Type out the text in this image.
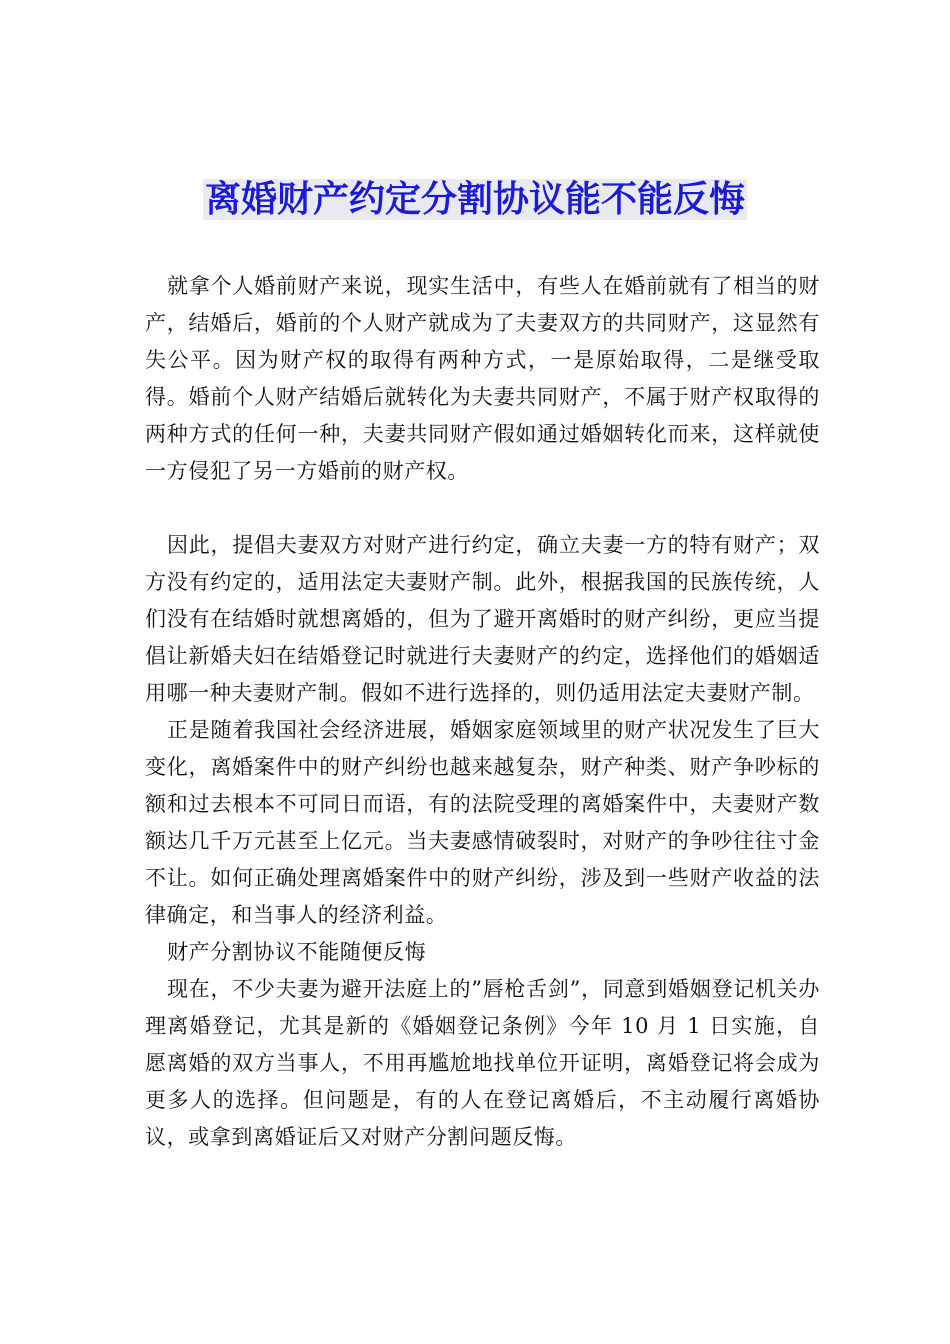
离婚财产约定分割协议能不能反悔

就拿个人婚前财产来说，现实生活中，有些人在婚前就有了相当的财产，结婚后，婚前的个人财产就成为了夫妻双方的共同财产，这显然有失公平。因为财产权的取得有两种方式，一是原始取得，二是继受取得。婚前个人财产结婚后就转化为夫妻共同财产，不属于财产权取得的两种方式的任何一种，夫妻共同财产假如通过婚姻转化而来，这样就使一方侵犯了另一方婚前的财产权。

因此，提倡夫妻双方对财产进行约定，确立夫妻一方的特有财产；双方没有约定的，适用法定夫妻财产制。此外，根据我国的民族传统，人们没有在结婚时就想离婚的，但为了避开离婚时的财产纠纷，更应当提倡让新婚夫妇在结婚登记时就进行夫妻财产的约定，选择他们的婚姻适用哪一种夫妻财产制。假如不进行选择的，则仍适用法定夫妻财产制。

正是随着我国社会经济进展，婚姻家庭领域里的财产状况发生了巨大变化，离婚案件中的财产纠纷也越来越复杂，财产种类、财产争吵标的额和过去根本不可同日而语，有的法院受理的离婚案件中，夫妻财产数额达几千万元甚至上亿元。当夫妻感情破裂时，对财产的争吵往往寸金不让。如何正确处理离婚案件中的财产纠纷，涉及到一些财产收益的法律确定，和当事人的经济利益。

财产分割协议不能随便反悔

现在，不少夫妻为避开法庭上的”唇枪舌剑”，同意到婚姻登记机关办理离婚登记，尤其是新的《婚姻登记条例》今年 10 月 1 日实施，自愿离婚的双方当事人，不用再尴尬地找单位开证明，离婚登记将会成为更多人的选择。但问题是，有的人在登记离婚后，不主动履行离婚协议，或拿到离婚证后又对财产分割问题反悔。
